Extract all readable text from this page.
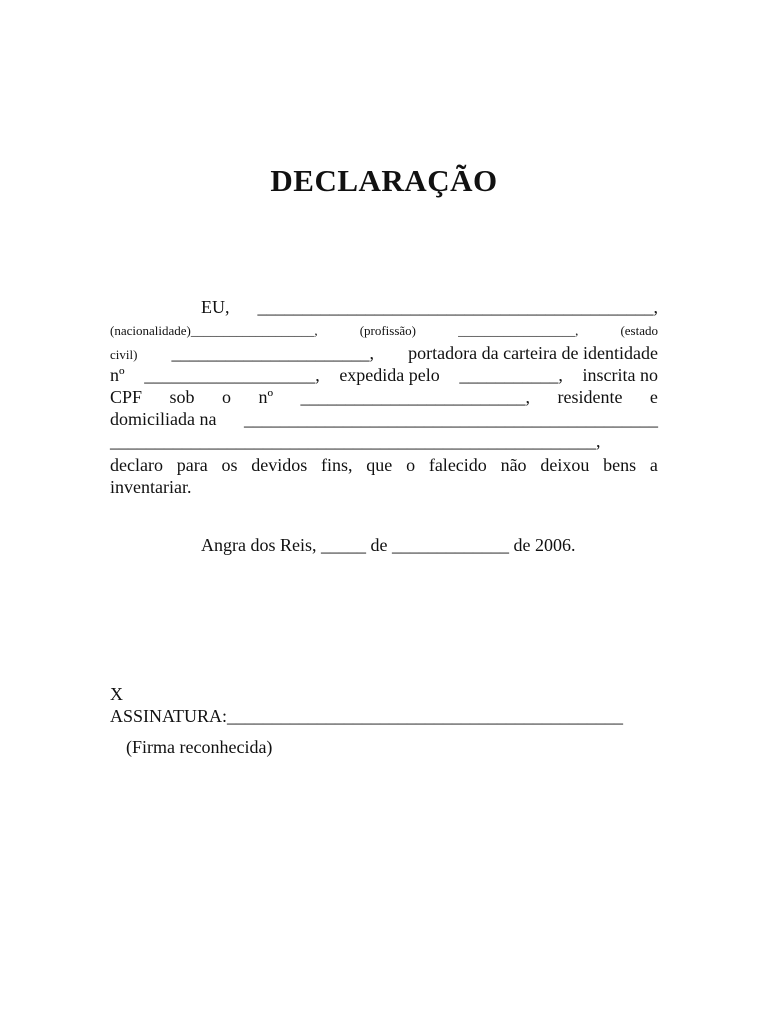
DECLARAÇÃO
EU, ____________________________________________,
(nacionalidade)___________________,	(profissão)	__________________,	(estado
civil) ______________________, portadora da carteira de identidade
nº ___________________, expedida pelo ___________, inscrita no
CPF sob o nº _________________________, residente e
domiciliada na ______________________________________________
______________________________________________________,
declaro para os devidos fins, que o falecido não deixou bens a
inventariar.
Angra dos Reis, _____ de _____________ de 2006.
X
ASSINATURA:____________________________________________
(Firma reconhecida)
